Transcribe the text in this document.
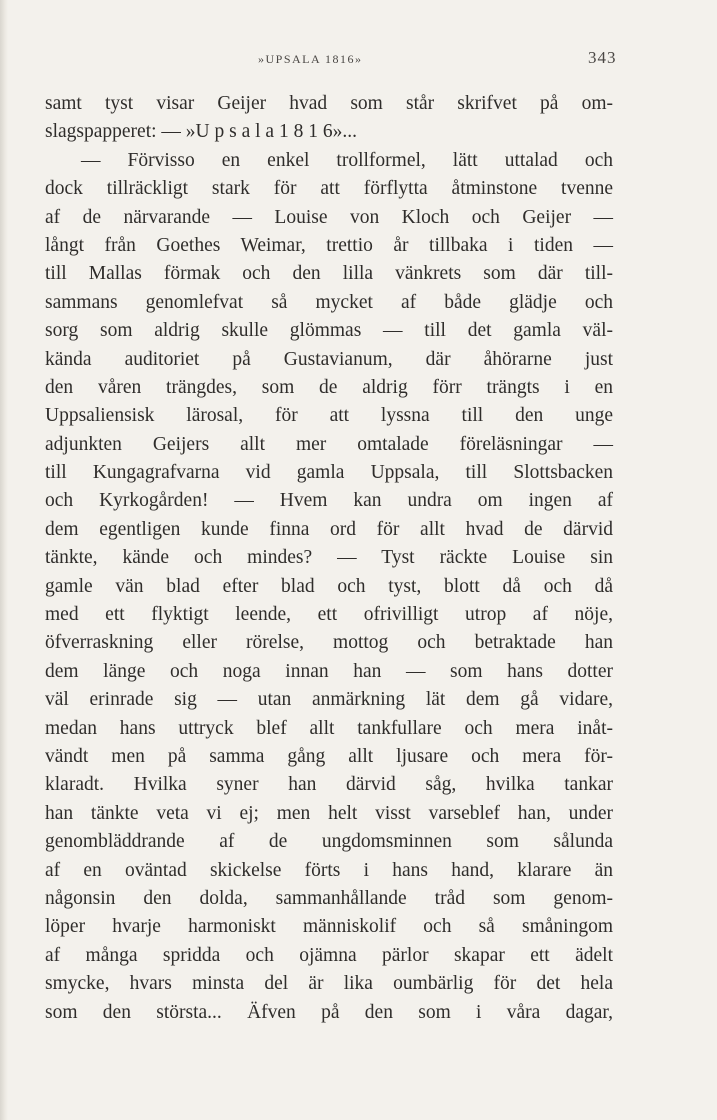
»UPSALA 1816»	343
samt tyst visar Geijer hvad som står skrifvet på om-
slagspapperet: — »U p s a l a 1 8 1 6»...
— Förvisso en enkel trollformel, lätt uttalad och
dock tillräckligt stark för att förflytta åtminstone tvenne
af de närvarande — Louise von Kloch och Geijer —
långt från Goethes Weimar, trettio år tillbaka i tiden —
till Mallas förmak och den lilla vänkrets som där till-
sammans genomlefvat så mycket af både glädje och
sorg som aldrig skulle glömmas — till det gamla väl-
kända auditoriet på Gustavianum, där åhörarne just
den våren trängdes, som de aldrig förr trängts i en
Uppsaliensisk lärosal, för att lyssna till den unge
adjunkten Geijers allt mer omtalade föreläsningar —
till Kungagrafvarna vid gamla Uppsala, till Slottsbacken
och Kyrkogården! — Hvem kan undra om ingen af
dem egentligen kunde finna ord för allt hvad de därvid
tänkte, kände och mindes? — Tyst räckte Louise sin
gamle vän blad efter blad och tyst, blott då och då
med ett flyktigt leende, ett ofrivilligt utrop af nöje,
öfverraskning eller rörelse, mottog och betraktade han
dem länge och noga innan han — som hans dotter
väl erinrade sig — utan anmärkning lät dem gå vidare,
medan hans uttryck blef allt tankfullare och mera inåt-
vändt men på samma gång allt ljusare och mera för-
klaradt. Hvilka syner han därvid såg, hvilka tankar
han tänkte veta vi ej; men helt visst varseblef han, under
genombläddrande af de ungdomsminnen som sålunda
af en oväntad skickelse förts i hans hand, klarare än
någonsin den dolda, sammanhållande tråd som genom-
löper hvarje harmoniskt människolif och så småningom
af många spridda och ojämna pärlor skapar ett ädelt
smycke, hvars minsta del är lika oumbärlig för det hela
som den största... Äfven på den som i våra dagar,
